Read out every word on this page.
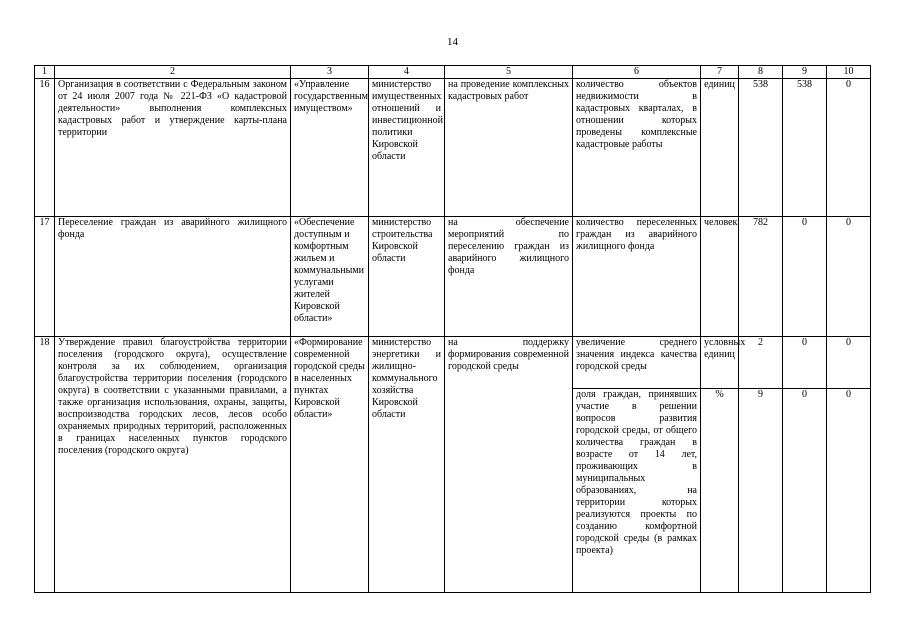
14
1	2	3	4	5	6	7	8	9	10
16	Организация в соответствии с Федеральным законом от 24 июля 2007 года № 221-ФЗ «О кадастровой деятельности» выполнения комплексных кадастровых работ и утверждение карты-плана территории	«Управление государственным имуществом»	министерство имущественных отношений и инвестиционной политики Кировской области	на проведение комплексных кадастровых работ	количество объектов недвижимости в кадастровых кварталах, в отношении которых проведены комплексные кадастровые работы	единиц	538	538	0
17	Переселение граждан из аварийного жилищного фонда	«Обеспечение доступным и комфортным жильем и коммунальными услугами жителей Кировской области»	министерство строительства Кировской области	на обеспечение мероприятий по переселению граждан из аварийного жилищного фонда	количество переселенных граждан из аварийного жилищного фонда	человек	782	0	0
18	Утверждение правил благоустройства территории поселения (городского округа), осуществление контроля за их соблюдением, организация благоустройства территории поселения (городского округа) в соответствии с указанными правилами, а также организация использования, охраны, защиты, воспроизводства городских лесов, лесов особо охраняемых природных территорий, расположенных в границах населенных пунктов городского поселения (городского округа)	«Формирование современной городской среды в населенных пунктах Кировской области»	министерство энергетики и жилищно-коммунального хозяйства Кировской области	на поддержку формирования современной городской среды	увеличение среднего значения индекса качества городской среды	условных единиц	2	0	0
					доля граждан, принявших участие в решении вопросов развития городской среды, от общего количества граждан в возрасте от 14 лет, проживающих в муниципальных образованиях, на территории которых реализуются проекты по созданию комфортной городской среды (в рамках проекта)	%	9	0	0
